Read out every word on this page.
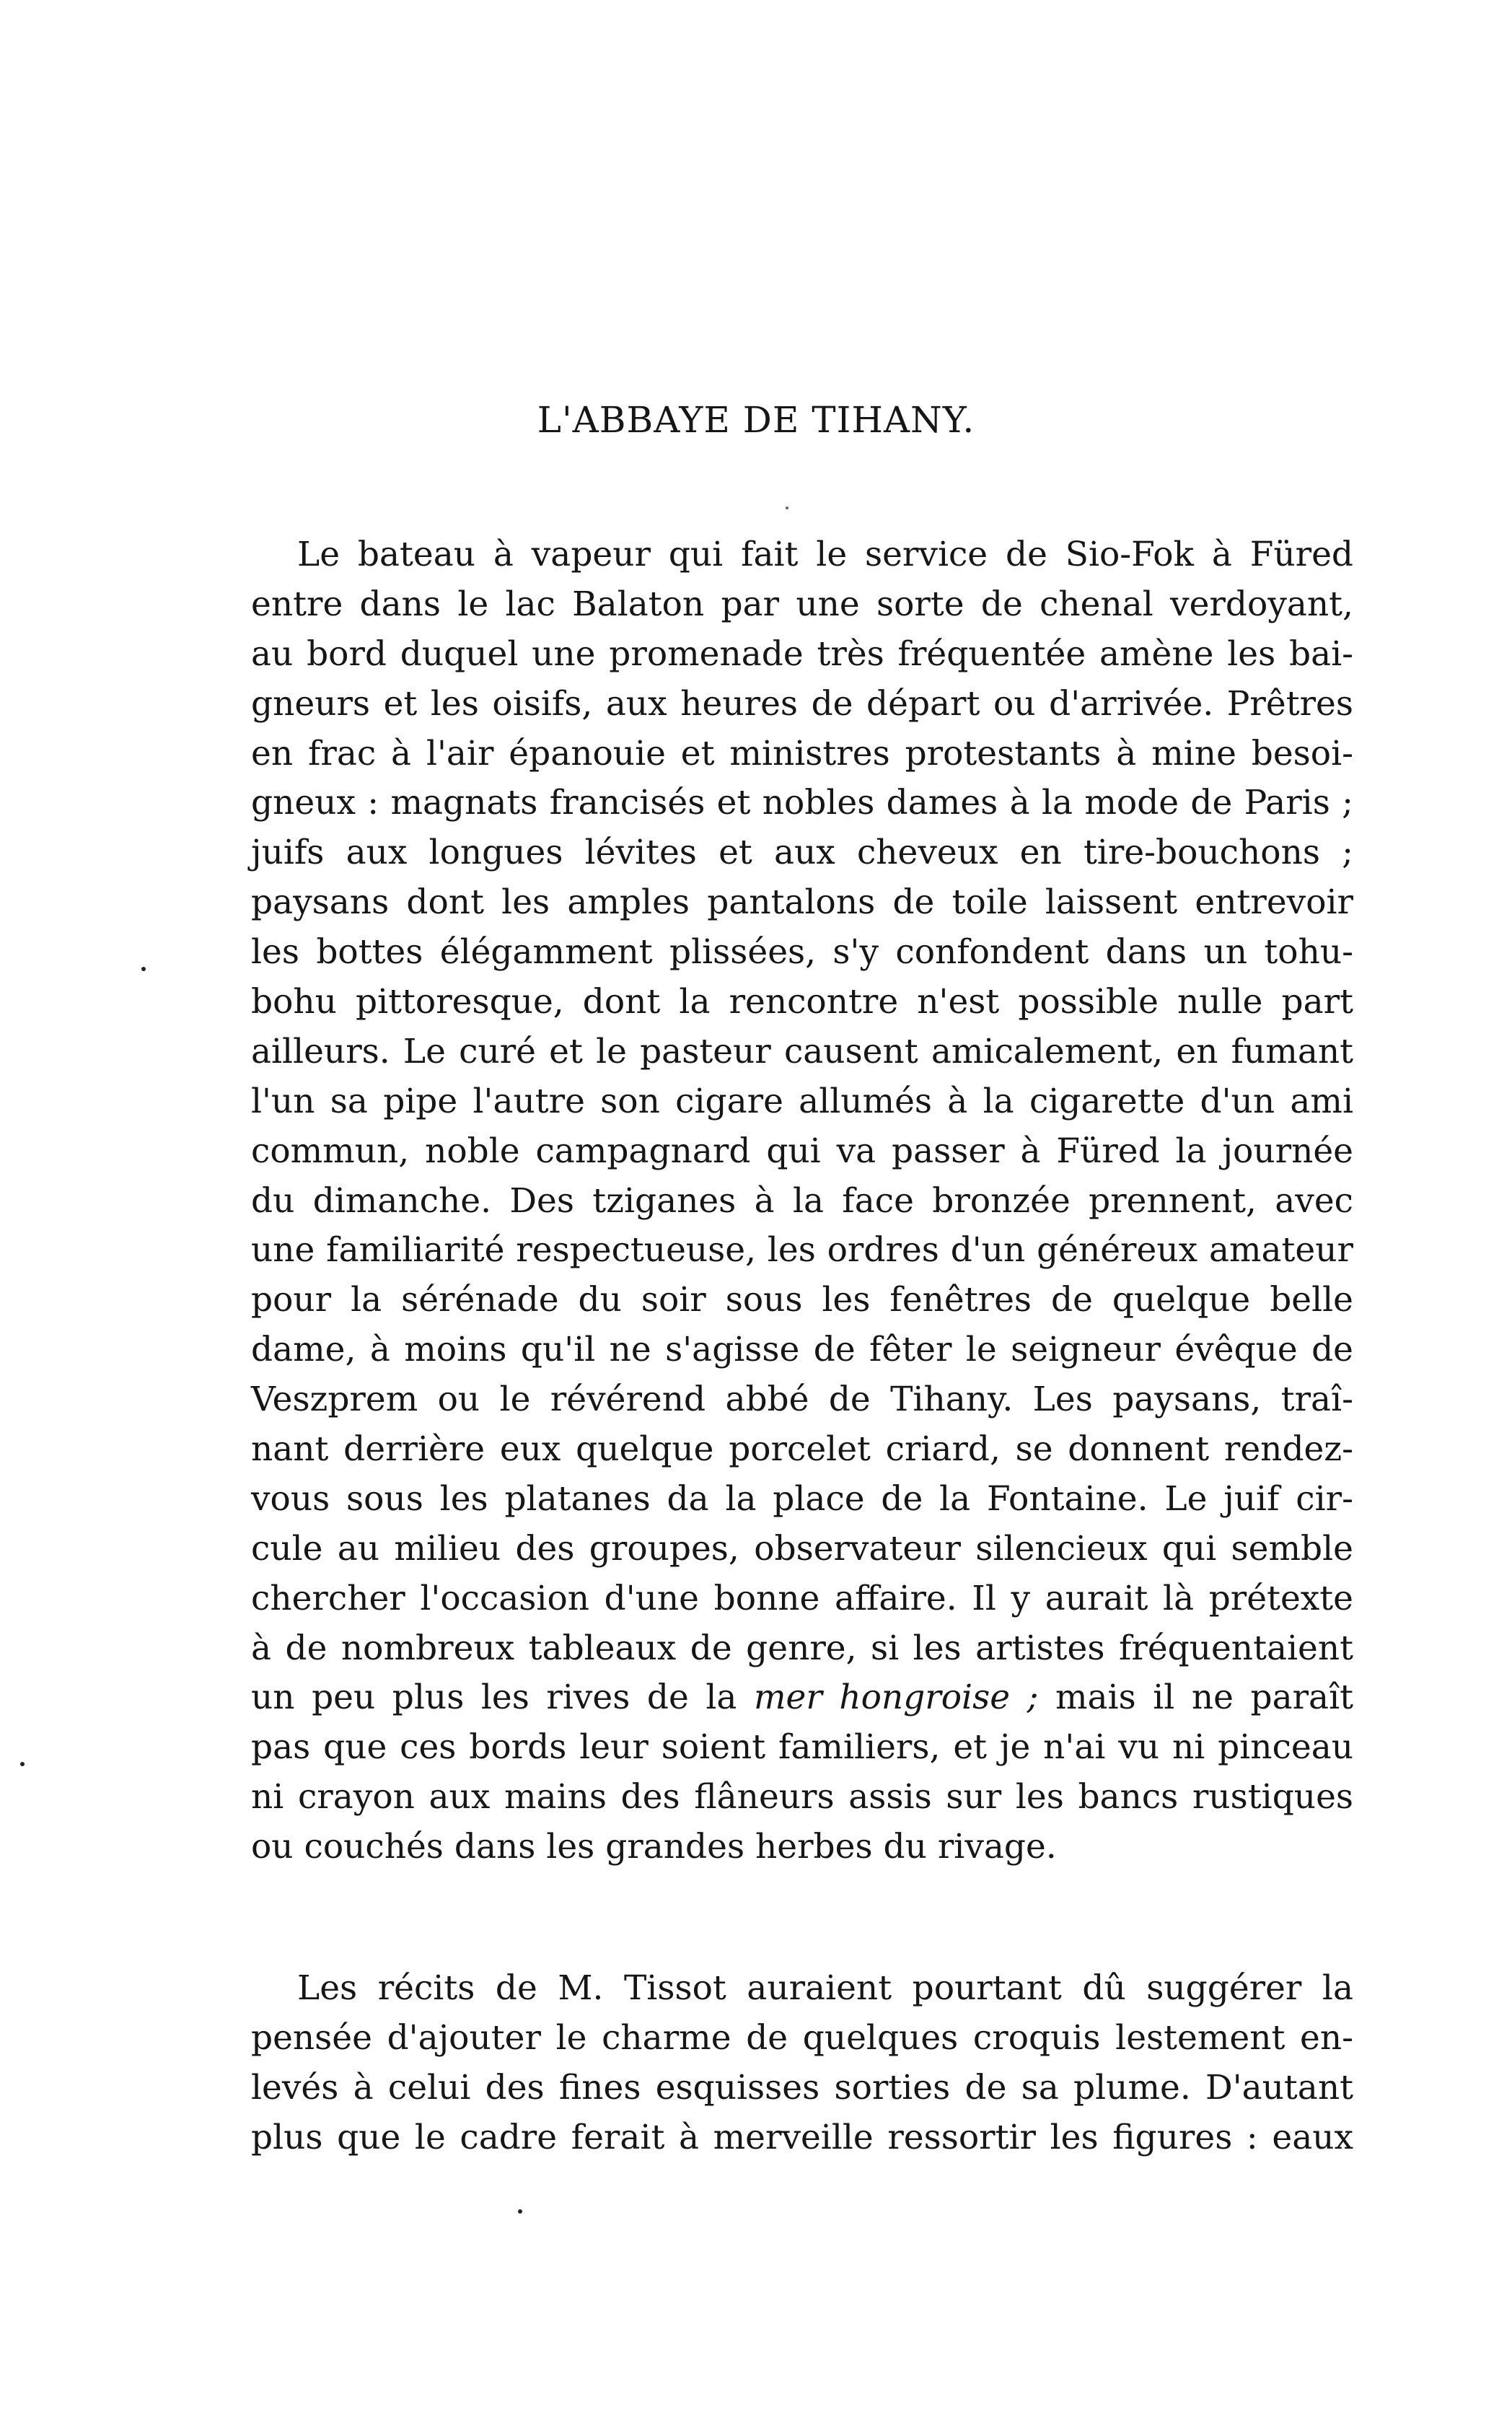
L'ABBAYE DE TIHANY.
Le bateau à vapeur qui fait le service de Sio-Fok à Füred
entre dans le lac Balaton par une sorte de chenal verdoyant,
au bord duquel une promenade très fréquentée amène les bai-
gneurs et les oisifs, aux heures de départ ou d'arrivée. Prêtres
en frac à l'air épanouie et ministres protestants à mine besoi-
gneux : magnats francisés et nobles dames à la mode de Paris ;
juifs aux longues lévites et aux cheveux en tire-bouchons ;
paysans dont les amples pantalons de toile laissent entrevoir
les bottes élégamment plissées, s'y confondent dans un tohu-
bohu pittoresque, dont la rencontre n'est possible nulle part
ailleurs. Le curé et le pasteur causent amicalement, en fumant
l'un sa pipe l'autre son cigare allumés à la cigarette d'un ami
commun, noble campagnard qui va passer à Füred la journée
du dimanche. Des tziganes à la face bronzée prennent, avec
une familiarité respectueuse, les ordres d'un généreux amateur
pour la sérénade du soir sous les fenêtres de quelque belle
dame, à moins qu'il ne s'agisse de fêter le seigneur évêque de
Veszprem ou le révérend abbé de Tihany. Les paysans, traî-
nant derrière eux quelque porcelet criard, se donnent rendez-
vous sous les platanes da la place de la Fontaine. Le juif cir-
cule au milieu des groupes, observateur silencieux qui semble
chercher l'occasion d'une bonne affaire. Il y aurait là prétexte
à de nombreux tableaux de genre, si les artistes fréquentaient
un peu plus les rives de la mer hongroise ; mais il ne paraît
pas que ces bords leur soient familiers, et je n'ai vu ni pinceau
ni crayon aux mains des flâneurs assis sur les bancs rustiques
ou couchés dans les grandes herbes du rivage.
Les récits de M. Tissot auraient pourtant dû suggérer la
pensée d'ajouter le charme de quelques croquis lestement en-
levés à celui des fines esquisses sorties de sa plume. D'autant
plus que le cadre ferait à merveille ressortir les figures : eaux
